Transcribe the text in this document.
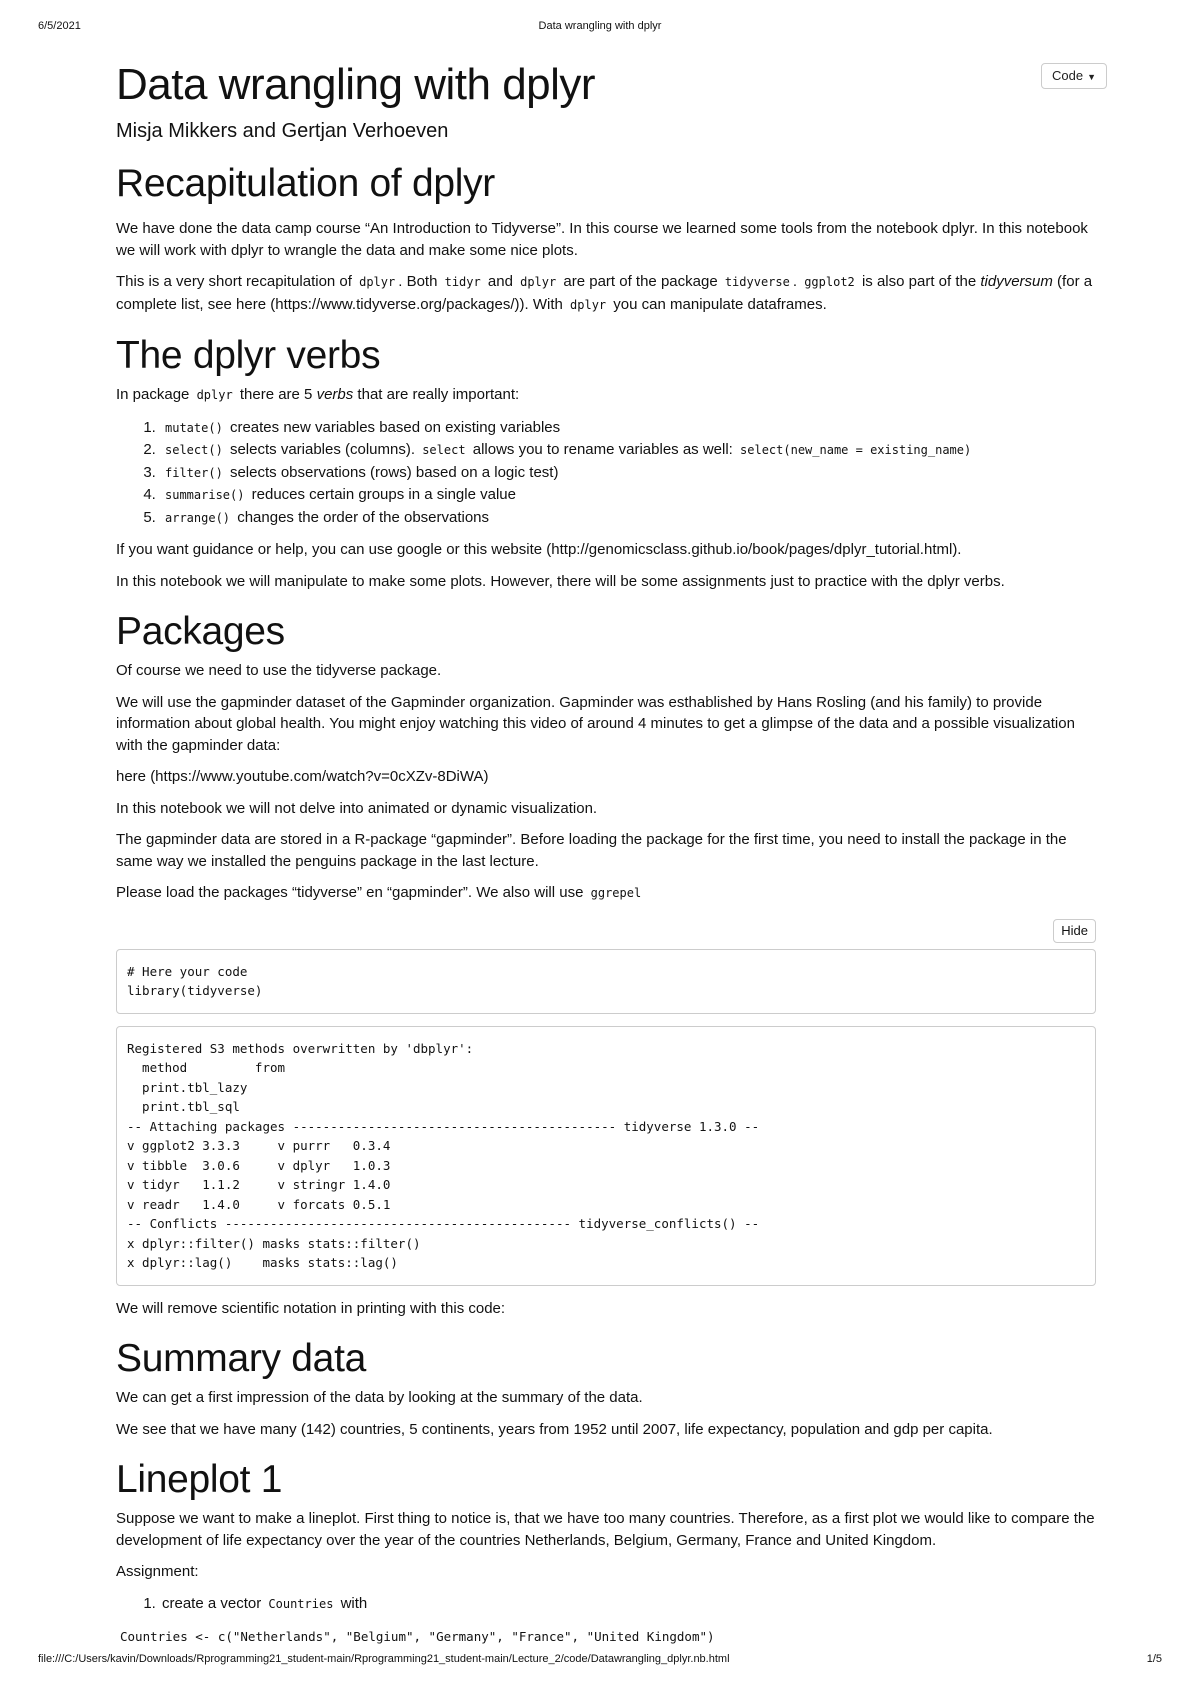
6/5/2021	Data wrangling with dplyr
Code ▼
Data wrangling with dplyr

Misja Mikkers and Gertjan Verhoeven

Recapitulation of dplyr

We have done the data camp course “An Introduction to Tidyverse”. In this course we learned some tools from the notebook dplyr. In this notebook we will work with dplyr to wrangle the data and make some nice plots.

This is a very short recapitulation of dplyr . Both tidyr and dplyr are part of the package tidyverse . ggplot2 is also part of the tidyversum (for a complete list, see here (https://www.tidyverse.org/packages/)). With dplyr you can manipulate dataframes.

The dplyr verbs

In package dplyr there are 5 verbs that are really important:

1. mutate() creates new variables based on existing variables
2. select() selects variables (columns). select allows you to rename variables as well: select(new_name = existing_name)
3. filter() selects observations (rows) based on a logic test)
4. summarise() reduces certain groups in a single value
5. arrange() changes the order of the observations

If you want guidance or help, you can use google or this website (http://genomicsclass.github.io/book/pages/dplyr_tutorial.html).

In this notebook we will manipulate to make some plots. However, there will be some assignments just to practice with the dplyr verbs.

Packages

Of course we need to use the tidyverse package.

We will use the gapminder dataset of the Gapminder organization. Gapminder was esthablished by Hans Rosling (and his family) to provide information about global health. You might enjoy watching this video of around 4 minutes to get a glimpse of the data and a possible visualization with the gapminder data:

here (https://www.youtube.com/watch?v=0cXZv-8DiWA)

In this notebook we will not delve into animated or dynamic visualization.

The gapminder data are stored in a R-package “gapminder”. Before loading the package for the first time, you need to install the package in the same way we installed the penguins package in the last lecture.

Please load the packages “tidyverse” en “gapminder”. We also will use ggrepel

Hide
# Here your code
library(tidyverse)
Registered S3 methods overwritten by 'dbplyr':
method         from
print.tbl_lazy
print.tbl_sql
-- Attaching packages ------------------------------------------- tidyverse 1.3.0 --
v ggplot2 3.3.3     v purrr   0.3.4
v tibble  3.0.6     v dplyr   1.0.3
v tidyr   1.1.2     v stringr 1.4.0
v readr   1.4.0     v forcats 0.5.1
-- Conflicts ---------------------------------------------- tidyverse_conflicts() --
x dplyr::filter() masks stats::filter()
x dplyr::lag()    masks stats::lag()

We will remove scientific notation in printing with this code:

Summary data

We can get a first impression of the data by looking at the summary of the data.

We see that we have many (142) countries, 5 continents, years from 1952 until 2007, life expectancy, population and gdp per capita.

Lineplot 1

Suppose we want to make a lineplot. First thing to notice is, that we have too many countries. Therefore, as a first plot we would like to compare the development of life expectancy over the year of the countries Netherlands, Belgium, Germany, France and United Kingdom.

Assignment:

1. create a vector Countries with
Countries <- c("Netherlands", "Belgium", "Germany", "France", "United Kingdom")
file:///C:/Users/kavin/Downloads/Rprogramming21_student-main/Rprogramming21_student-main/Lecture_2/code/Datawrangling_dplyr.nb.html	1/5
